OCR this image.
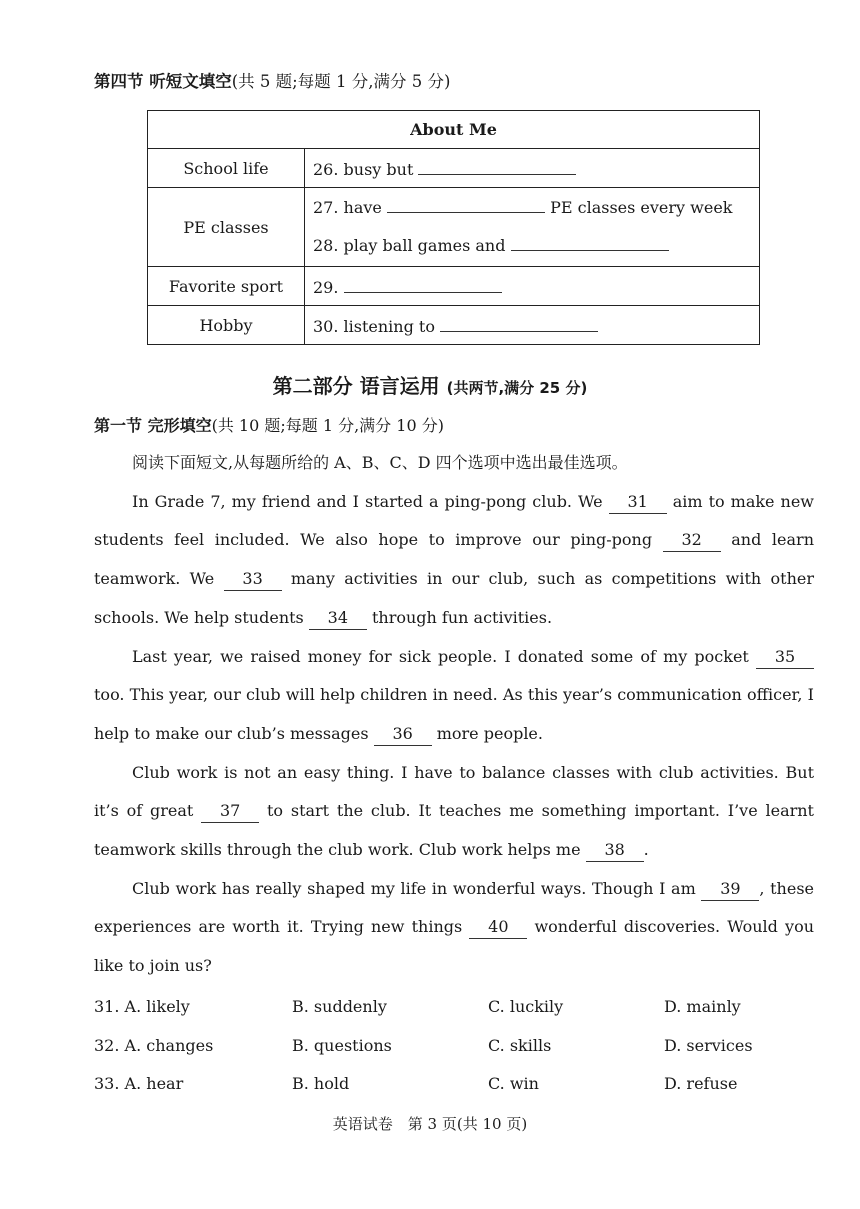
第四节 听短文填空(共 5 题;每题 1 分,满分 5 分)
About Me	
School life	26. busy but
PE classes	27. have PE classes every week
28. play ball games and

Favorite sport	29.
Hobby	30. listening to
第二部分 语言运用 (共两节,满分 25 分)
第一节 完形填空(共 10 题;每题 1 分,满分 10 分)

阅读下面短文,从每题所给的 A、B、C、D 四个选项中选出最佳选项。

In Grade 7, my friend and I started a ping-pong club. We 31 aim to make new students feel included. We also hope to improve our ping-pong 32 and learn teamwork. We 33 many activities in our club, such as competitions with other schools. We help students 34 through fun activities.

Last year, we raised money for sick people. I donated some of my pocket 35 too. This year, our club will help children in need. As this year’s communication officer, I help to make our club’s messages 36 more people.

Club work is not an easy thing. I have to balance classes with club activities. But it’s of great 37 to start the club. It teaches me something important. I’ve learnt teamwork skills through the club work. Club work helps me 38 .

Club work has really shaped my life in wonderful ways. Though I am 39 , these experiences are worth it. Trying new things 40 wonderful discoveries. Would you like to join us?

31. A. likely	B. suddenly	C. luckily	D. mainly
32. A. changes	B. questions	C. skills	D. services
33. A. hear	B. hold	C. win	D. refuse
英语试卷　第 3 页(共 10 页)
